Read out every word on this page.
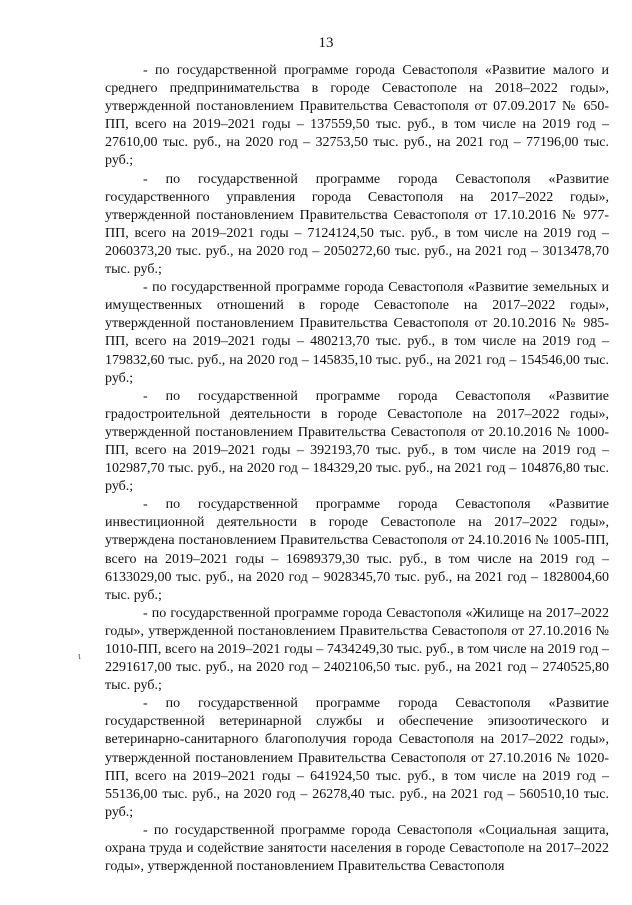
13
ι

- по государственной программе города Севастополя «Развитие малого и среднего предпринимательства в городе Севастополе на 2018–2022 годы», утвержденной постановлением Правительства Севастополя от 07.09.2017 № 650-ПП, всего на 2019–2021 годы – 137559,50 тыс. руб., в том числе на 2019 год – 27610,00 тыс. руб., на 2020 год – 32753,50 тыс. руб., на 2021 год – 77196,00 тыс. руб.;

- по государственной программе города Севастополя «Развитие государственного управления города Севастополя на 2017–2022 годы», утвержденной постановлением Правительства Севастополя от 17.10.2016 № 977-ПП, всего на 2019–2021 годы – 7124124,50 тыс. руб., в том числе на 2019 год – 2060373,20 тыс. руб., на 2020 год – 2050272,60 тыс. руб., на 2021 год – 3013478,70 тыс. руб.;

- по государственной программе города Севастополя «Развитие земельных и имущественных отношений в городе Севастополе на 2017–2022 годы», утвержденной постановлением Правительства Севастополя от 20.10.2016 № 985-ПП, всего на 2019–2021 годы – 480213,70 тыс. руб., в том числе на 2019 год – 179832,60 тыс. руб., на 2020 год – 145835,10 тыс. руб., на 2021 год – 154546,00 тыс. руб.;

- по государственной программе города Севастополя «Развитие градостроительной деятельности в городе Севастополе на 2017–2022 годы», утвержденной постановлением Правительства Севастополя от 20.10.2016 № 1000-ПП, всего на 2019–2021 годы – 392193,70 тыс. руб., в том числе на 2019 год – 102987,70 тыс. руб., на 2020 год – 184329,20 тыс. руб., на 2021 год – 104876,80 тыс. руб.;

- по государственной программе города Севастополя «Развитие инвестиционной деятельности в городе Севастополе на 2017–2022 годы», утверждена постановлением Правительства Севастополя от 24.10.2016 № 1005-ПП, всего на 2019–2021 годы – 16989379,30 тыс. руб., в том числе на 2019 год – 6133029,00 тыс. руб., на 2020 год – 9028345,70 тыс. руб., на 2021 год – 1828004,60 тыс. руб.;

- по государственной программе города Севастополя «Жилище на 2017–2022 годы», утвержденной постановлением Правительства Севастополя от 27.10.2016 № 1010-ПП, всего на 2019–2021 годы – 7434249,30 тыс. руб., в том числе на 2019 год – 2291617,00 тыс. руб., на 2020 год – 2402106,50 тыс. руб., на 2021 год – 2740525,80 тыс. руб.;

- по государственной программе города Севастополя «Развитие государственной ветеринарной службы и обеспечение эпизоотического и ветеринарно-санитарного благополучия города Севастополя на 2017–2022 годы», утвержденной постановлением Правительства Севастополя от 27.10.2016 № 1020-ПП, всего на 2019–2021 годы – 641924,50 тыс. руб., в том числе на 2019 год – 55136,00 тыс. руб., на 2020 год – 26278,40 тыс. руб., на 2021 год – 560510,10 тыс. руб.;

- по государственной программе города Севастополя «Социальная защита, охрана труда и содействие занятости населения в городе Севастополе на 2017–2022 годы», утвержденной постановлением Правительства Севастополя
